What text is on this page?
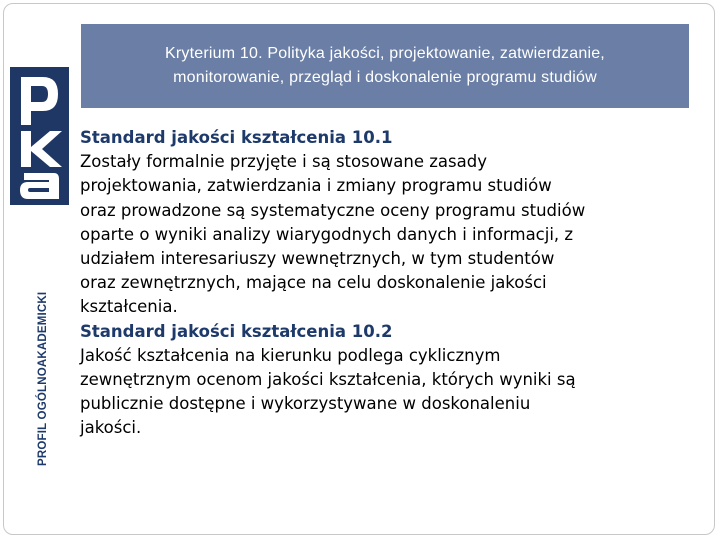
Kryterium 10. Polityka jakości, projektowanie, zatwierdzanie,
monitorowanie, przegląd i doskonalenie programu studiów
PROFIL OGÓLNOAKADEMICKI
Standard jakości kształcenia 10.1
Zostały formalnie przyjęte i są stosowane zasady
projektowania, zatwierdzania i zmiany programu studiów
oraz prowadzone są systematyczne oceny programu studiów
oparte o wyniki analizy wiarygodnych danych i informacji, z
udziałem interesariuszy wewnętrznych, w tym studentów
oraz zewnętrznych, mające na celu doskonalenie jakości
kształcenia.
Standard jakości kształcenia 10.2
Jakość kształcenia na kierunku podlega cyklicznym
zewnętrznym ocenom jakości kształcenia, których wyniki są
publicznie dostępne i wykorzystywane w doskonaleniu
jakości.
